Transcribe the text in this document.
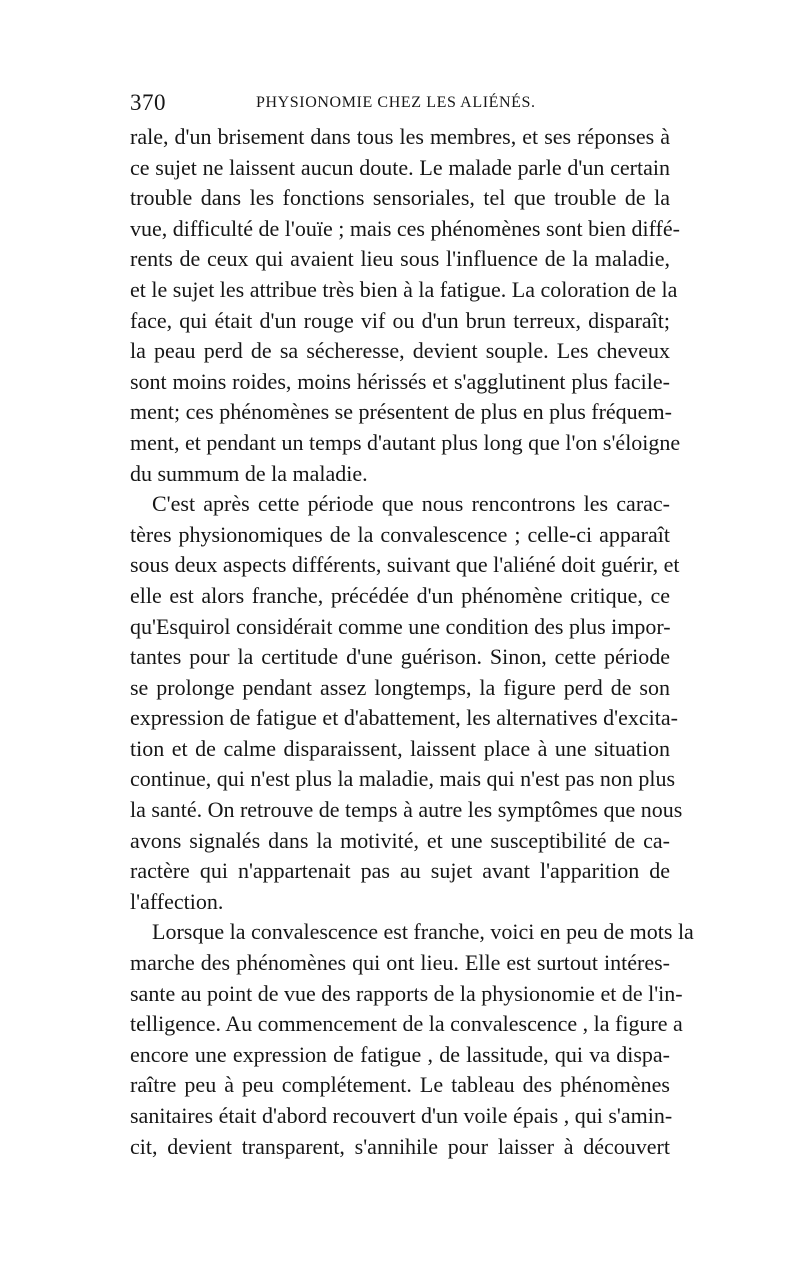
370	PHYSIONOMIE CHEZ LES ALIÉNÉS.
rale, d'un brisement dans tous les membres, et ses réponses à
ce sujet ne laissent aucun doute. Le malade parle d'un certain
trouble dans les fonctions sensoriales, tel que trouble de la
vue, difficulté de l'ouïe ; mais ces phénomènes sont bien diffé-
rents de ceux qui avaient lieu sous l'influence de la maladie,
et le sujet les attribue très bien à la fatigue. La coloration de la
face, qui était d'un rouge vif ou d'un brun terreux, disparaît;
la peau perd de sa sécheresse, devient souple. Les cheveux
sont moins roides, moins hérissés et s'agglutinent plus facile-
ment; ces phénomènes se présentent de plus en plus fréquem-
ment, et pendant un temps d'autant plus long que l'on s'éloigne
du summum de la maladie.
C'est après cette période que nous rencontrons les carac-
tères physionomiques de la convalescence ; celle-ci apparaît
sous deux aspects différents, suivant que l'aliéné doit guérir, et
elle est alors franche, précédée d'un phénomène critique, ce
qu'Esquirol considérait comme une condition des plus impor-
tantes pour la certitude d'une guérison. Sinon, cette période
se prolonge pendant assez longtemps, la figure perd de son
expression de fatigue et d'abattement, les alternatives d'excita-
tion et de calme disparaissent, laissent place à une situation
continue, qui n'est plus la maladie, mais qui n'est pas non plus
la santé. On retrouve de temps à autre les symptômes que nous
avons signalés dans la motivité, et une susceptibilité de ca-
ractère qui n'appartenait pas au sujet avant l'apparition de
l'affection.
Lorsque la convalescence est franche, voici en peu de mots la
marche des phénomènes qui ont lieu. Elle est surtout intéres-
sante au point de vue des rapports de la physionomie et de l'in-
telligence. Au commencement de la convalescence , la figure a
encore une expression de fatigue , de lassitude, qui va dispa-
raître peu à peu complétement. Le tableau des phénomènes
sanitaires était d'abord recouvert d'un voile épais , qui s'amin-
cit, devient transparent, s'annihile pour laisser à découvert
